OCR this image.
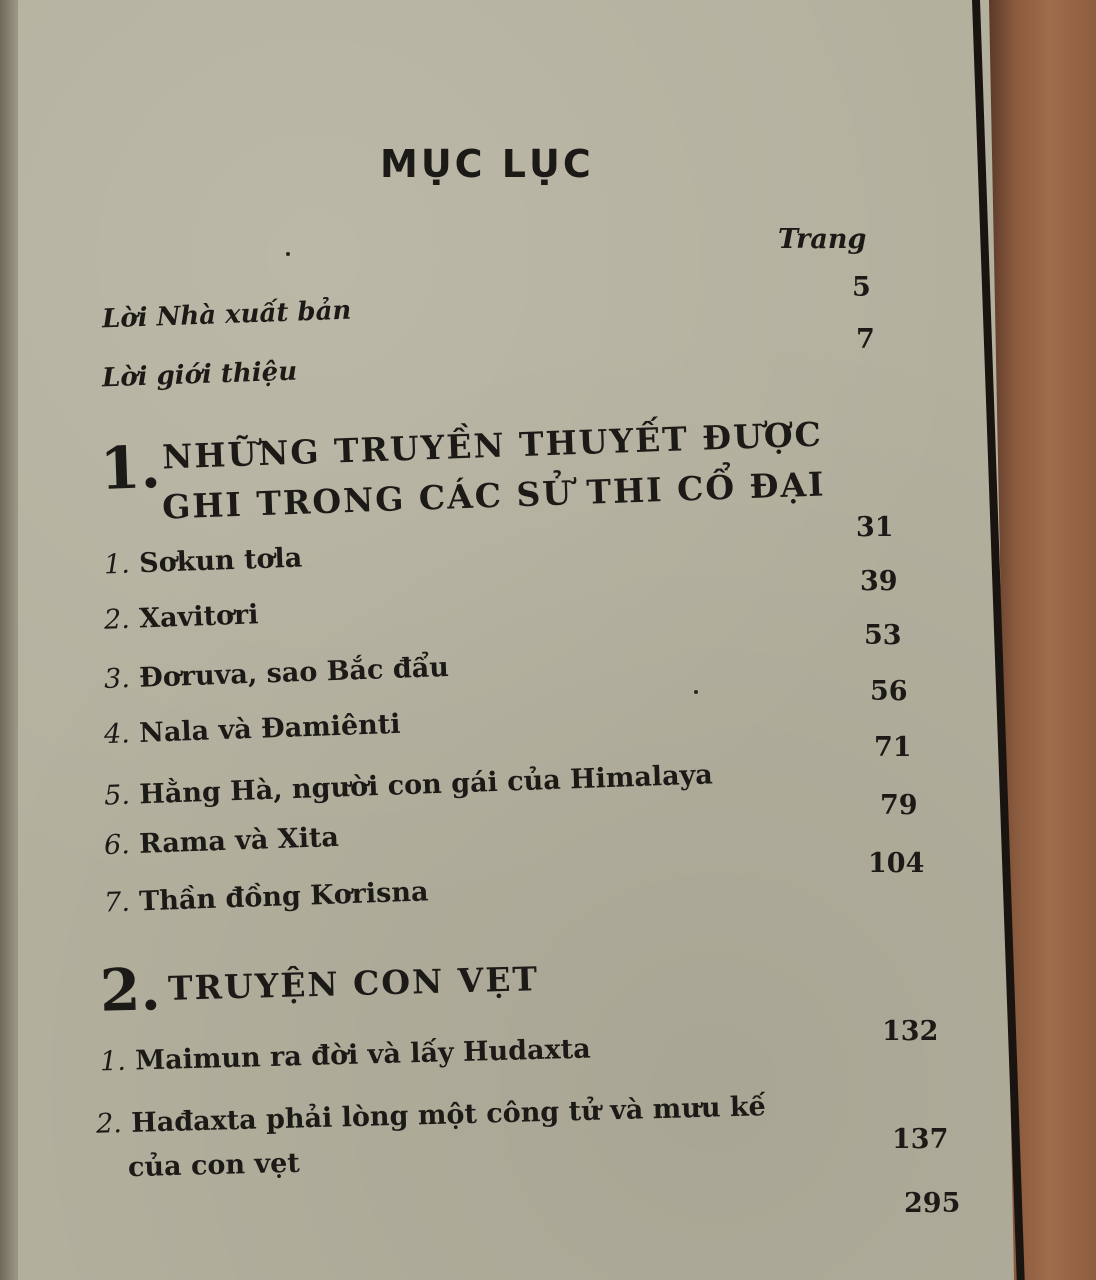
MỤC LỤC
Trang
Lời Nhà xuất bản
5
Lời giới thiệu
7
1. NHỮNG TRUYỀN THUYẾT ĐƯỢC
GHI TRONG CÁC SỬ THI CỔ ĐẠI
1. Sơkun tơla
31
2. Xavitơri
39
3. Đơruva, sao Bắc đẩu
53
4. Nala và Đamiênti
56
5. Hằng Hà, người con gái của Himalaya
71
6. Rama và Xita
79
7. Thần đồng Kơrisna
104
2. TRUYỆN CON VẸT
1. Maimun ra đời và lấy Hudaxta
132
2. Hađaxta phải lòng một công tử và mưu kế
của con vẹt
137
295
